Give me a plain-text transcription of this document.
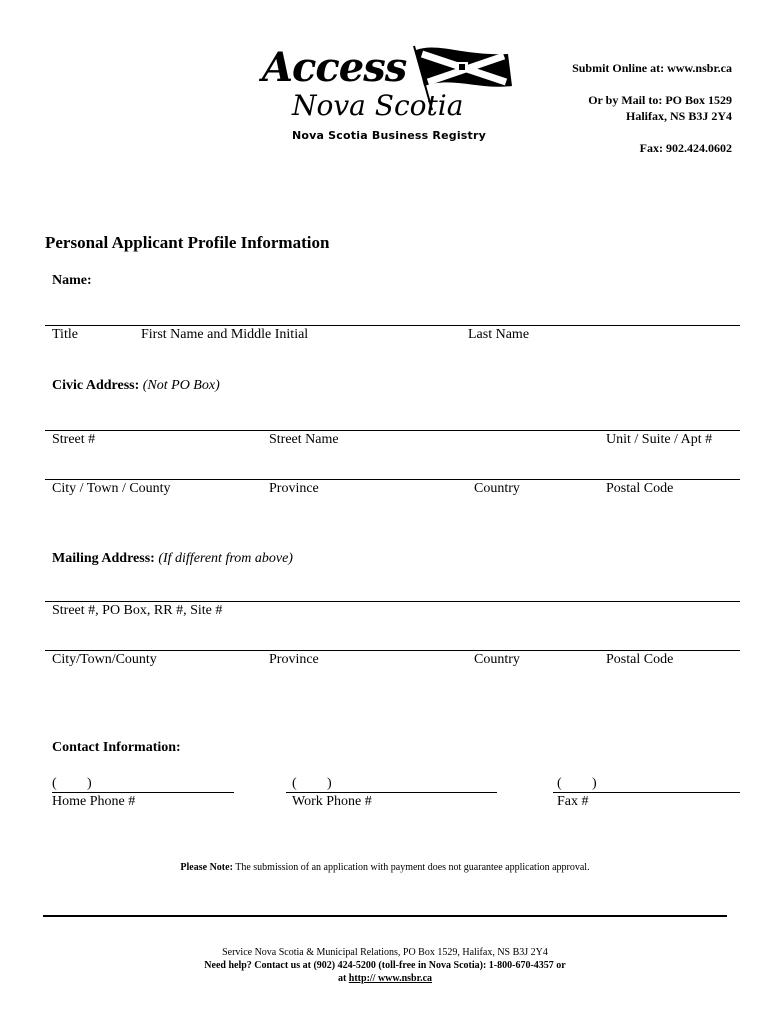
Access
Nova Scotia
Nova Scotia Business Registry
Submit Online at: www.nsbr.ca
Or by Mail to: PO Box 1529
Halifax, NS B3J 2Y4
Fax: 902.424.0602
Personal Applicant Profile Information
Name:
Title	First Name and Middle Initial	Last Name
Civic Address: (Not PO Box)
Street #	Street Name	Unit / Suite / Apt #
City / Town / County	Province	Country	Postal Code
Mailing Address: (If different from above)
Street #, PO Box, RR #, Site #
City/Town/County	Province	Country	Postal Code
Contact Information:
( )
Home Phone #
( )
Work Phone #
( )
Fax #
Please Note: The submission of an application with payment does not guarantee application approval.
Service Nova Scotia & Municipal Relations, PO Box 1529, Halifax, NS B3J 2Y4
Need help? Contact us at (902) 424-5200 (toll-free in Nova Scotia): 1-800-670-4357 or
at http:// www.nsbr.ca
